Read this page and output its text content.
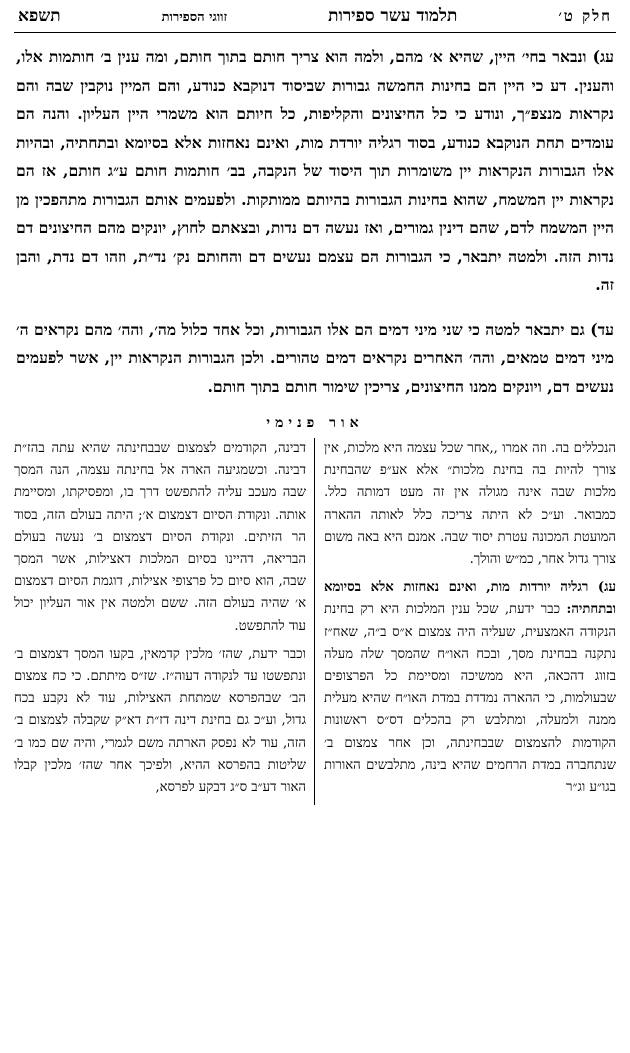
חלק ט׳
תלמוד עשר ספירות
זווגי הספירות
תשפא

עג) ונבאר בחי׳ היין, שהיא א׳ מהם, ולמה הוא צריך חותם בתוך חותם, ומה ענין ב׳ חותמות אלו, והענין. דע כי היין הם בחינות החמשה גבורות שביסוד דנוקבא כנודע, והם המיין נוקבין שבה והם נקראות מנצפ״ך, ונודע כי כל החיצונים והקליפות, כל חיותם הוא משמרי היין העליון. והנה הם עומדים תחת הנוקבא כנודע, בסוד רגליה יורדת מות, ואינם נאחזות אלא בסיומא ובתחתיה, ובהיות אלו הגבורות הנקראות יין משומרות תוך היסוד של הנקבה, בב׳ חותמות חותם ע״ג חותם, אז הם נקראות יין המשמח, שהוא בחינות הגבורות בהיותם ממותקות. ולפעמים אותם הגבורות מתהפכין מן היין המשמח לדם, שהם דינין גמורים, ואז נעשה דם נדות, ובצאתם לחוץ, יונקים מהם החיצונים דם נדות הזה. ולמטה יתבאר, כי הגבורות הם עצמם נעשים דם והחותם נק׳ נד״ת, וזהו דם נדת, והבן זה.

עד) גם יתבאר למטה כי שני מיני דמים הם אלו הגבורות, וכל אחד כלול מה׳, והה׳ מהם נקראים ה׳ מיני דמים טמאים, והה׳ האחרים נקראים דמים טהורים. ולכן הגבורות הנקראות יין, אשר לפעמים נעשים דם, ויונקים ממנו החיצונים, צריכין שימור חותם בתוך חותם.

אור פנימי

הנכללים בה. וזה אמרו ,,אחר שכל עצמה היא מלכות, אין צורך להיות בה בחינת מלכות״ אלא אע״פ שהבחינת מלכות שבה אינה מגולה אין זה מעט דמותה כלל. כמבואר. וע״כ לא היתה צריכה כלל לאותה ההארה המועטת המכונה עטרת יסוד שבה. אמנם היא באה משום צורך גדול אחר, כמ״ש והולך.

עג) רגליה יורדות מות, ואינם נאחזות אלא בסיומא ובתחתיה: כבר ידעת, שכל ענין המלכות היא רק בחינת הנקודה האמצעית, שעליה היה צמצום א״ס ב״ה, שאח״ז נתקנה בבחינת מסך, ובכח האו״ח שהמסך שלה מעלה בזווג דהכאה, היא ממשיכה ומסיימת כל הפרצופים שבעולמות, כי ההארה נמדדת במדת האו״ח שהיא מעלית ממנה ולמעלה, ומתלבש רק בהכלים דס״ס ראשונות הקודמות להצמצום שבבחינתה, וכן אחר צמצום ב׳ שנתחברה במדת הרחמים שהיא בינה, מתלבשים האורות בגו״ע וג״ר

דבינה, הקודמים לצמצום שבבחינתה שהיא עתה בהז״ת דבינה. וכשמגיעה הארה אל בחינתה עצמה, הנה המסך שבה מעכב עליה להתפשט דרך בו, ומפסיקתו, ומסיימת אותה. ונקודת הסיום דצמצום א׳; היתה בעולם הזה, בסוד הר הזיתים. ונקודת הסיום דצמצום ב׳ נעשה בעולם הבריאה, דהיינו בסיום המלכות דאצילות, אשר המסך שבה, הוא סיום כל פרצופי אצילות, דוגמת הסיום דצמצום א׳ שהיה בעולם הזה. ששם ולמטה אין אור העליון יכול עוד להתפשט.

וכבר ידעת, שהז׳ מלכין קדמאין, בקעו המסך דצמצום ב׳ ונתפשטו עד לנקודה דעוה״ז. שז״ס מיתתם. כי כח צמצום הב׳ שבהפרסא שמתחת האצילות, עוד לא נקבע בכח גדול, וע״כ גם בחינת דינה דז״ת דא״ק שקבלה לצמצום ב׳ הזה, עוד לא נפסק הארתה משם לגמרי, והיה שם כמו ב׳ שליטות בהפרסא ההיא, ולפיכך אחר שהז׳ מלכין קבלו האור דע״ב ס״ג דבקע לפרסא,
